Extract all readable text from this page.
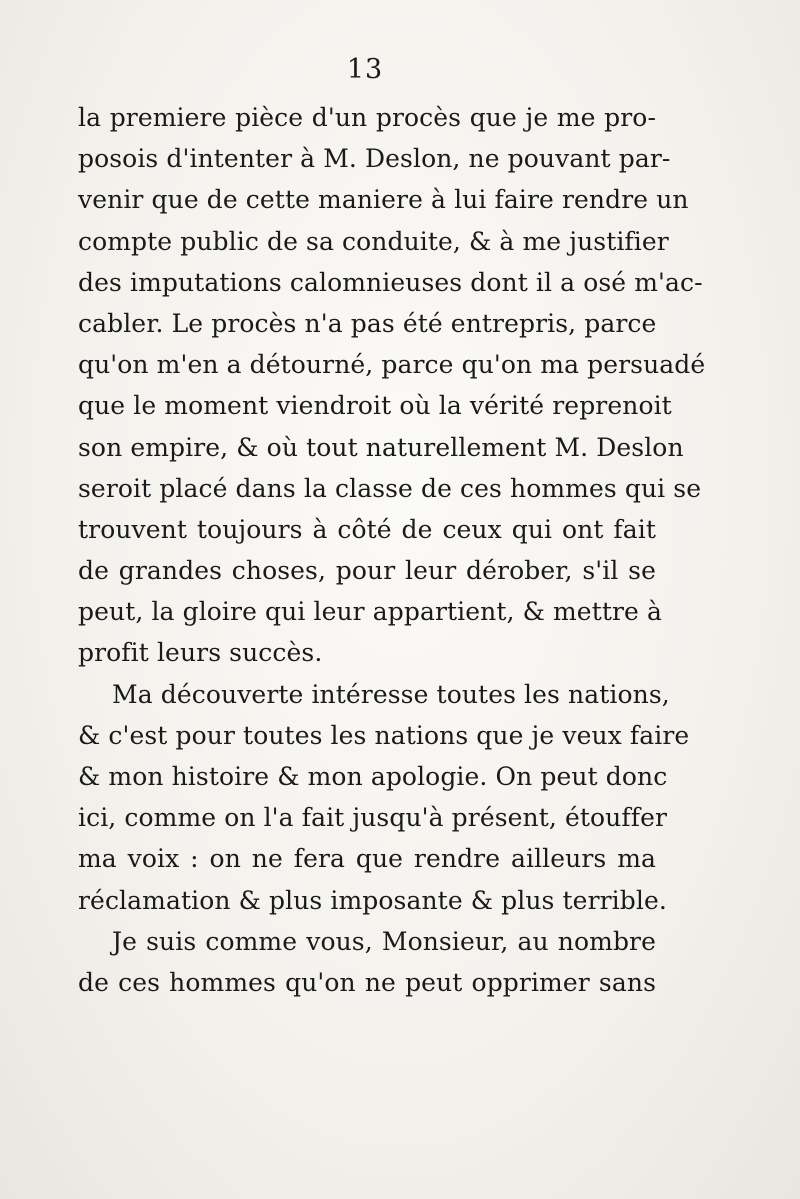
13
la premiere pièce d'un procès que je me pro-
posois d'intenter à M. Deslon, ne pouvant par-
venir que de cette maniere à lui faire rendre un
compte public de sa conduite, & à me justifier
des imputations calomnieuses dont il a osé m'ac-
cabler. Le procès n'a pas été entrepris, parce
qu'on m'en a détourné, parce qu'on ma persuadé
que le moment viendroit où la vérité reprenoit
son empire, & où tout naturellement M. Deslon
seroit placé dans la classe de ces hommes qui se
trouvent toujours à côté de ceux qui ont fait
de grandes choses, pour leur dérober, s'il se
peut, la gloire qui leur appartient, & mettre à
profit leurs succès.
Ma découverte intéresse toutes les nations,
& c'est pour toutes les nations que je veux faire
& mon histoire & mon apologie. On peut donc
ici, comme on l'a fait jusqu'à présent, étouffer
ma voix : on ne fera que rendre ailleurs ma
réclamation & plus imposante & plus terrible.
Je suis comme vous, Monsieur, au nombre
de ces hommes qu'on ne peut opprimer sans
